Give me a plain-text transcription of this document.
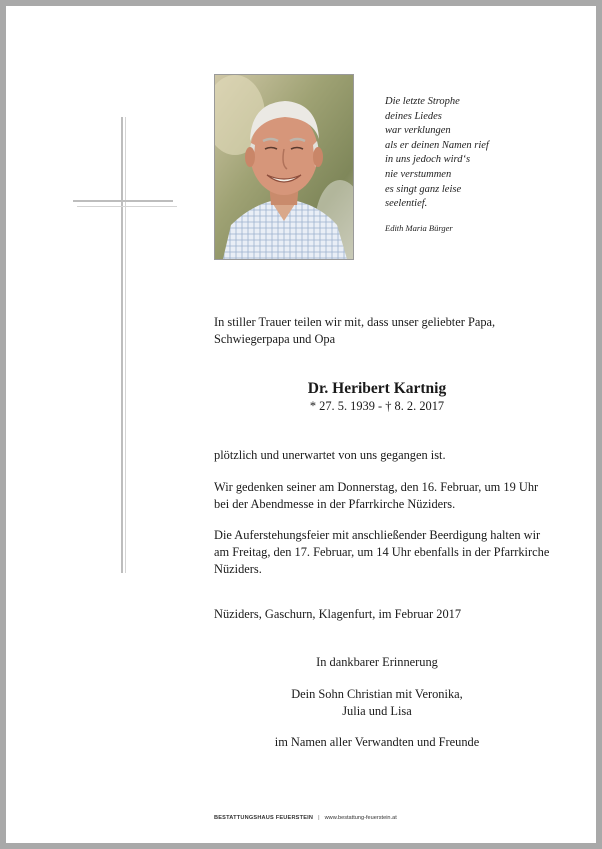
Die letzte Strophe
deines Liedes
war verklungen
als er deinen Namen rief
in uns jedoch wird‘s
nie verstummen
es singt ganz leise
seelentief.
Edith Maria Bürger
In stiller Trauer teilen wir mit, dass unser geliebter Papa,
Schwiegerpapa und Opa
Dr. Heribert Kartnig
* 27. 5. 1939 - † 8. 2. 2017
plötzlich und unerwartet von uns gegangen ist.
Wir gedenken seiner am Donnerstag, den 16. Februar, um 19 Uhr
bei der Abendmesse in der Pfarrkirche Nüziders.
Die Auferstehungsfeier mit anschließender Beerdigung halten wir
am Freitag, den 17. Februar, um 14 Uhr ebenfalls in der Pfarrkirche
Nüziders.
Nüziders, Gaschurn, Klagenfurt, im Februar 2017
In dankbarer Erinnerung
Dein Sohn Christian mit Veronika,
Julia und Lisa
im Namen aller Verwandten und Freunde
BESTATTUNGSHAUS FEUERSTEIN | www.bestattung-feuerstein.at
